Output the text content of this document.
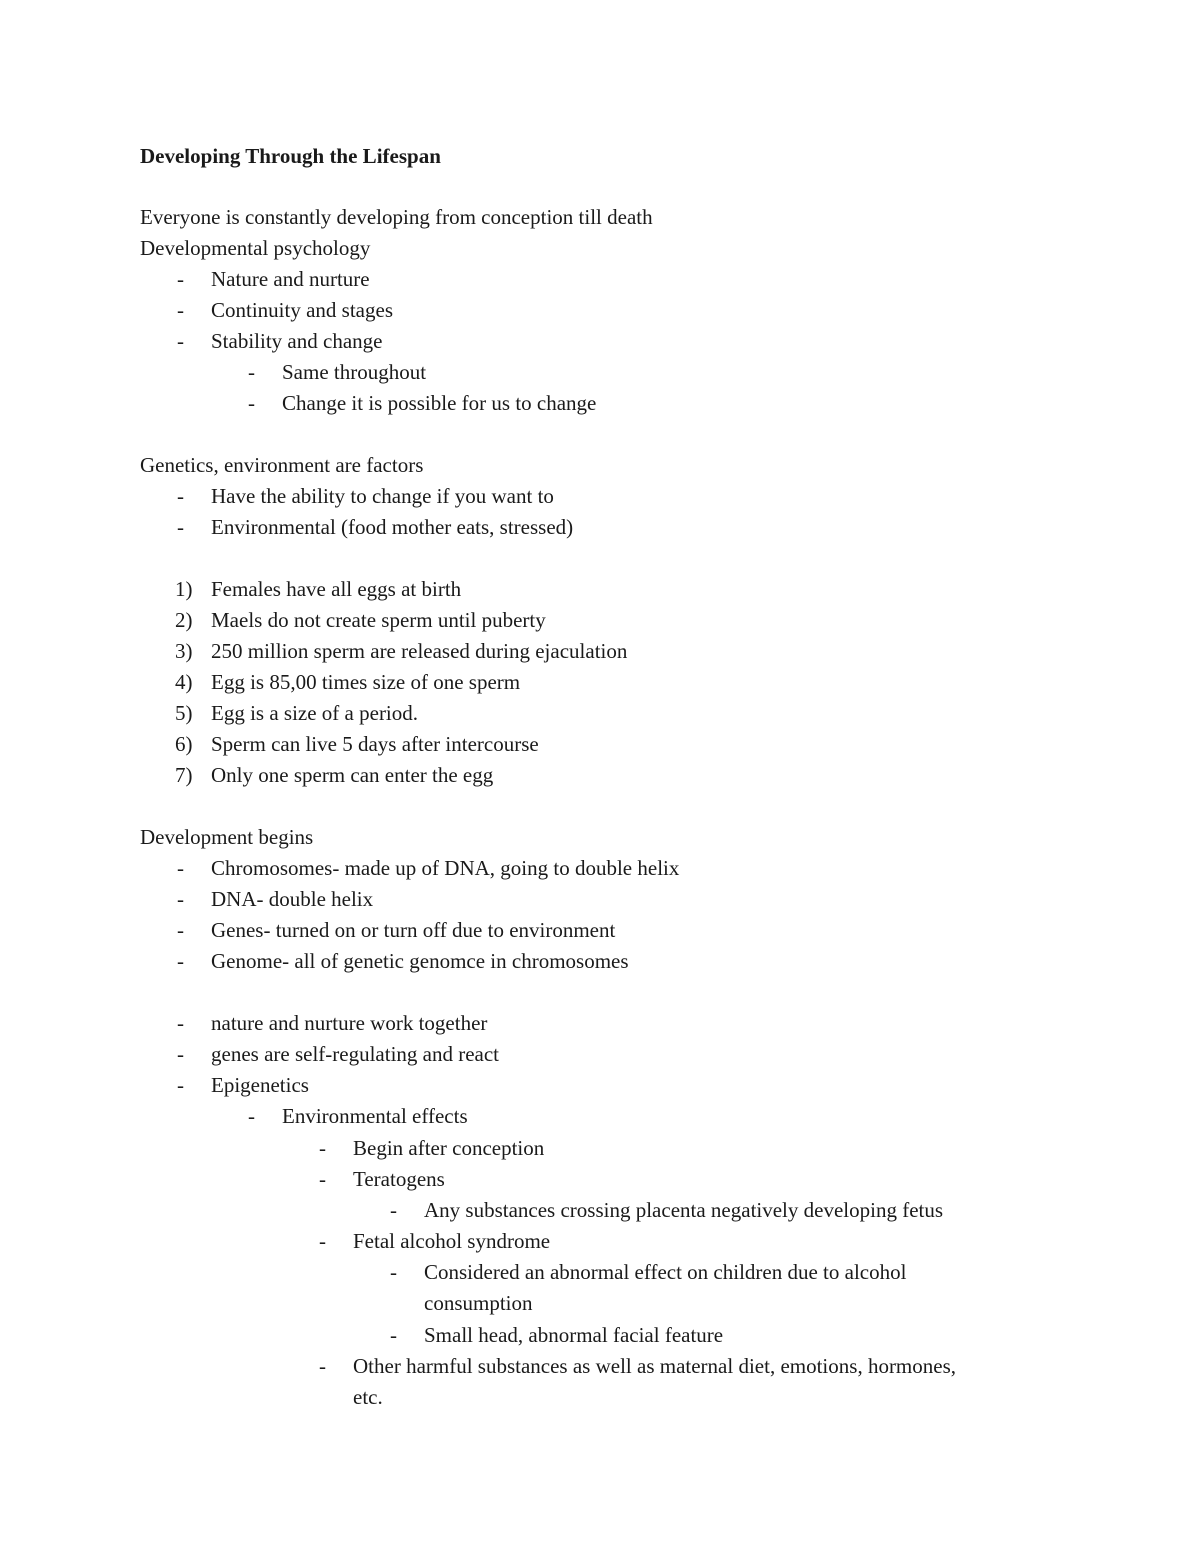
Developing Through the Lifespan
Everyone is constantly developing from conception till death
Developmental psychology
- Nature and nurture
- Continuity and stages
- Stability and change
- Same throughout
- Change it is possible for us to change
Genetics, environment are factors
- Have the ability to change if you want to
- Environmental (food mother eats, stressed)
1) Females have all eggs at birth
2) Maels do not create sperm until puberty
3) 250 million sperm are released during ejaculation
4) Egg is 85,00 times size of one sperm
5) Egg is a size of a period.
6) Sperm can live 5 days after intercourse
7) Only one sperm can enter the egg
Development begins
- Chromosomes- made up of DNA, going to double helix
- DNA- double helix
- Genes- turned on or turn off due to environment
- Genome- all of genetic genomce in chromosomes
- nature and nurture work together
- genes are self-regulating and react
- Epigenetics
- Environmental effects
- Begin after conception
- Teratogens
- Any substances crossing placenta negatively developing fetus
- Fetal alcohol syndrome
- Considered an abnormal effect on children due to alcohol
consumption
- Small head, abnormal facial feature
- Other harmful substances as well as maternal diet, emotions, hormones,
etc.
